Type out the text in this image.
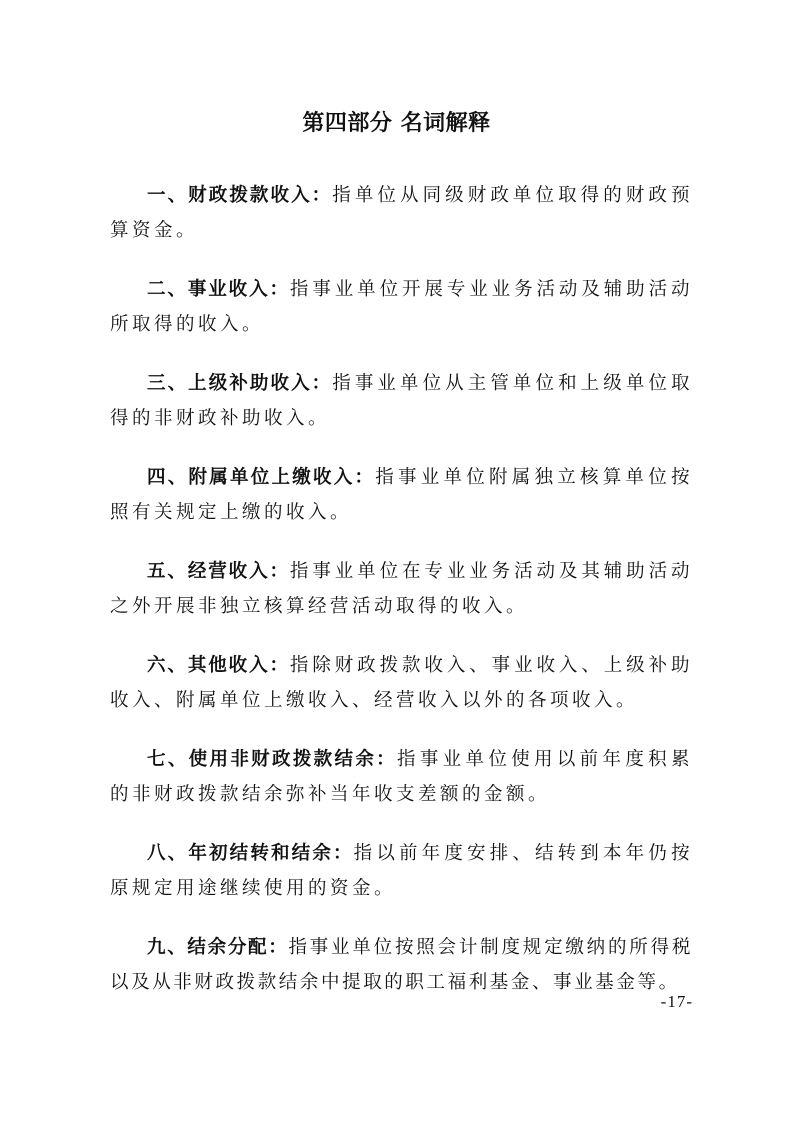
第四部分 名词解释

一、财政拨款收入：指单位从同级财政单位取得的财政预算资金。

二、事业收入：指事业单位开展专业业务活动及辅助活动所取得的收入。

三、上级补助收入：指事业单位从主管单位和上级单位取得的非财政补助收入。

四、附属单位上缴收入：指事业单位附属独立核算单位按照有关规定上缴的收入。

五、经营收入：指事业单位在专业业务活动及其辅助活动之外开展非独立核算经营活动取得的收入。

六、其他收入：指除财政拨款收入、事业收入、上级补助收入、附属单位上缴收入、经营收入以外的各项收入。

七、使用非财政拨款结余：指事业单位使用以前年度积累的非财政拨款结余弥补当年收支差额的金额。

八、年初结转和结余：指以前年度安排、结转到本年仍按原规定用途继续使用的资金。

九、结余分配：指事业单位按照会计制度规定缴纳的所得税以及从非财政拨款结余中提取的职工福利基金、事业基金等。

-17-
